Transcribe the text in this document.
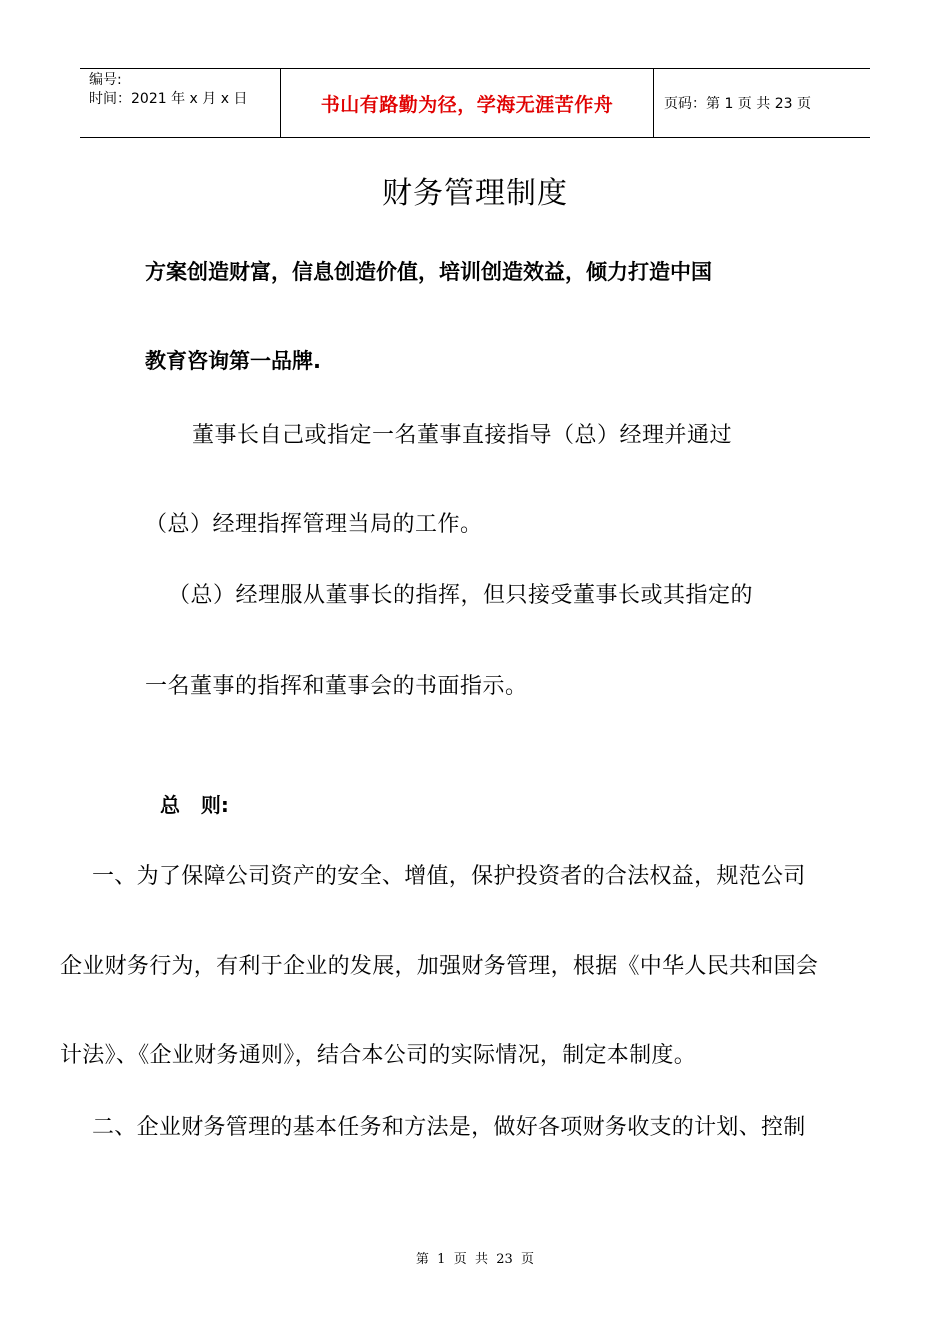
编号:
时间：2021 年 x 月 x 日	书山有路勤为径，学海无涯苦作舟	页码：第 1 页 共 23 页
财务管理制度
方案创造财富，信息创造价值，培训创造效益，倾力打造中国
教育咨询第一品牌.
董事长自己或指定一名董事直接指导（总）经理并通过
（总）经理指挥管理当局的工作。
（总）经理服从董事长的指挥，但只接受董事长或其指定的
一名董事的指挥和董事会的书面指示。
总   则:
一、为了保障公司资产的安全、增值，保护投资者的合法权益，规范公司
企业财务行为，有利于企业的发展，加强财务管理，根据《中华人民共和国会
计法》、《企业财务通则》，结合本公司的实际情况，制定本制度。
二、企业财务管理的基本任务和方法是，做好各项财务收支的计划、控制
第  1  页  共  23  页
